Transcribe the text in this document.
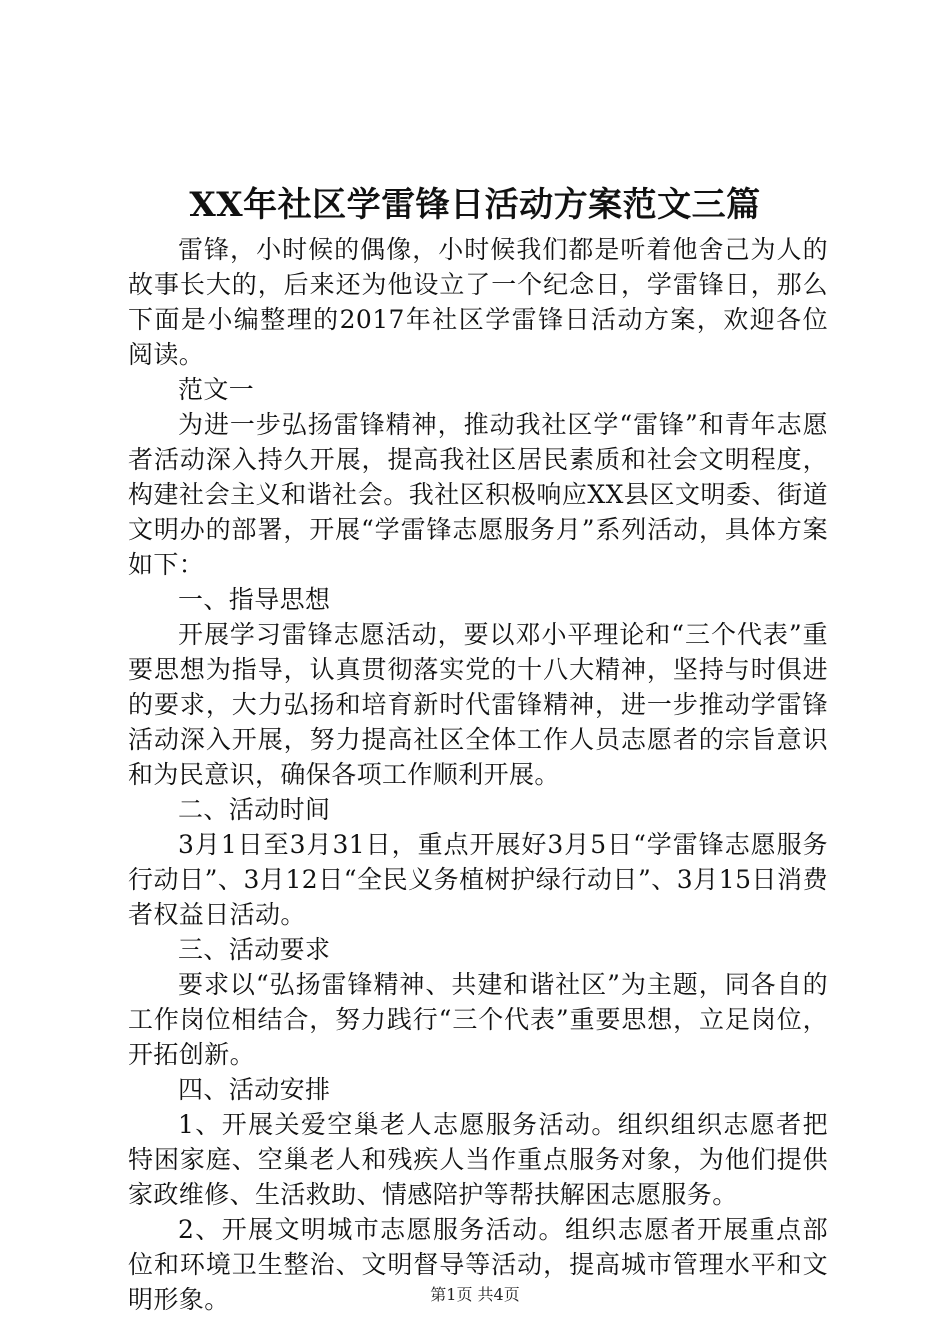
XX年社区学雷锋日活动方案范文三篇

雷锋，小时候的偶像，小时候我们都是听着他舍己为人的故事长大的，后来还为他设立了一个纪念日，学雷锋日，那么下面是小编整理的2017年社区学雷锋日活动方案，欢迎各位阅读。

范文一

为进一步弘扬雷锋精神，推动我社区学“雷锋”和青年志愿者活动深入持久开展，提高我社区居民素质和社会文明程度，构建社会主义和谐社会。我社区积极响应XX县区文明委、街道文明办的部署，开展“学雷锋志愿服务月”系列活动，具体方案如下：

一、指导思想

开展学习雷锋志愿活动，要以邓小平理论和“三个代表”重要思想为指导，认真贯彻落实党的十八大精神，坚持与时俱进的要求，大力弘扬和培育新时代雷锋精神，进一步推动学雷锋活动深入开展，努力提高社区全体工作人员志愿者的宗旨意识和为民意识，确保各项工作顺利开展。

二、活动时间

3月1日至3月31日，重点开展好3月5日“学雷锋志愿服务行动日”、3月12日“全民义务植树护绿行动日”、3月15日消费者权益日活动。

三、活动要求

要求以“弘扬雷锋精神、共建和谐社区”为主题，同各自的工作岗位相结合，努力践行“三个代表”重要思想，立足岗位，开拓创新。

四、活动安排

1、开展关爱空巢老人志愿服务活动。组织组织志愿者把特困家庭、空巢老人和残疾人当作重点服务对象，为他们提供家政维修、生活救助、情感陪护等帮扶解困志愿服务。

2、开展文明城市志愿服务活动。组织志愿者开展重点部位和环境卫生整治、文明督导等活动，提高城市管理水平和文明形象。	第1页 共4页
